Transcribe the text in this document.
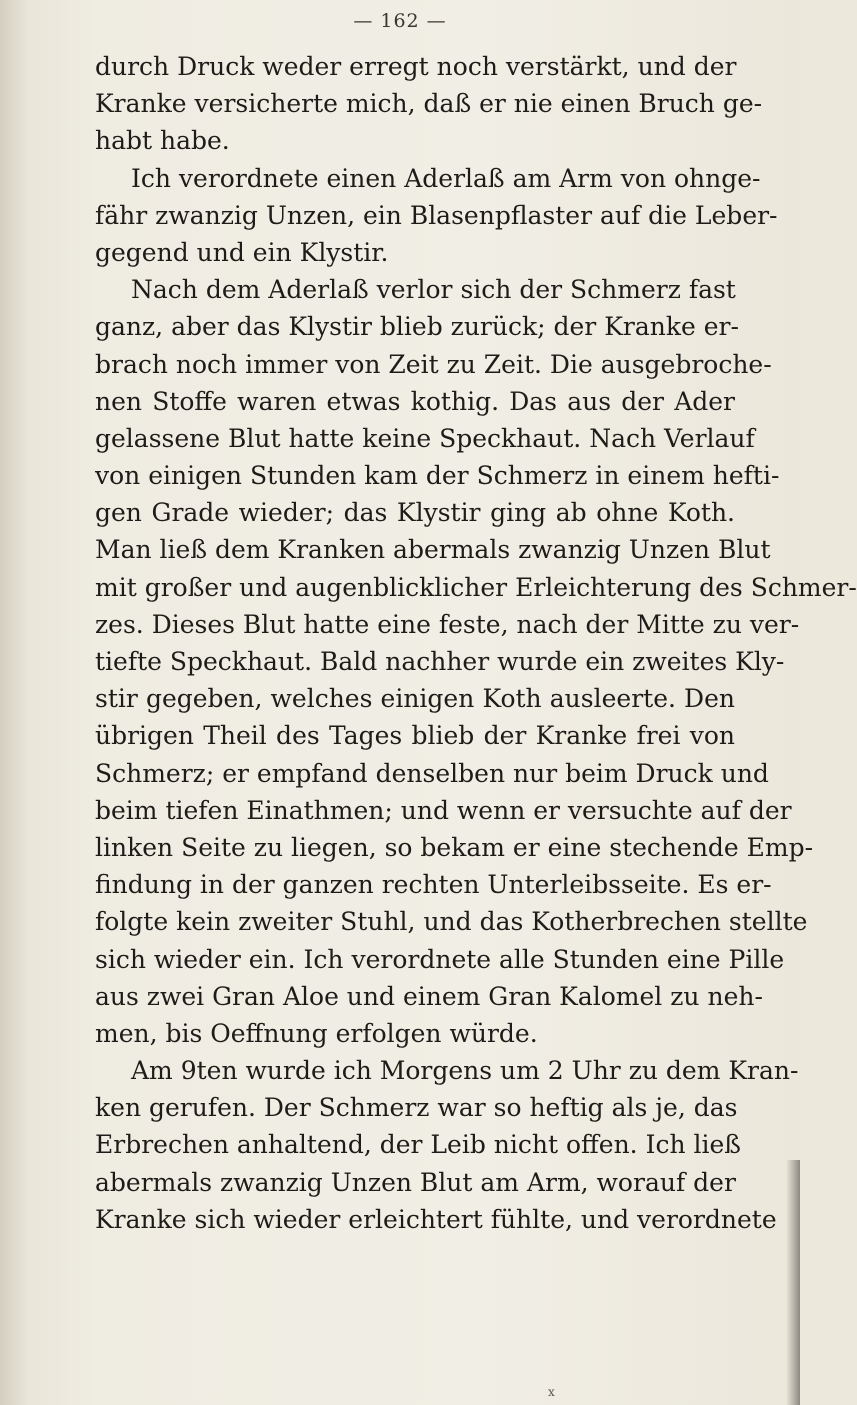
— 162 —
durch Druck weder erregt noch verstärkt, und der
Kranke versicherte mich, daß er nie einen Bruch ge-
habt habe.
Ich verordnete einen Aderlaß am Arm von ohnge-
fähr zwanzig Unzen, ein Blasenpflaster auf die Leber-
gegend und ein Klystir.
Nach dem Aderlaß verlor sich der Schmerz fast
ganz, aber das Klystir blieb zurück; der Kranke er-
brach noch immer von Zeit zu Zeit. Die ausgebroche-
nen Stoffe waren etwas kothig. Das aus der Ader
gelassene Blut hatte keine Speckhaut. Nach Verlauf
von einigen Stunden kam der Schmerz in einem hefti-
gen Grade wieder; das Klystir ging ab ohne Koth.
Man ließ dem Kranken abermals zwanzig Unzen Blut
mit großer und augenblicklicher Erleichterung des Schmer-
zes. Dieses Blut hatte eine feste, nach der Mitte zu ver-
tiefte Speckhaut. Bald nachher wurde ein zweites Kly-
stir gegeben, welches einigen Koth ausleerte. Den
übrigen Theil des Tages blieb der Kranke frei von
Schmerz; er empfand denselben nur beim Druck und
beim tiefen Einathmen; und wenn er versuchte auf der
linken Seite zu liegen, so bekam er eine stechende Emp-
findung in der ganzen rechten Unterleibsseite. Es er-
folgte kein zweiter Stuhl, und das Kotherbrechen stellte
sich wieder ein. Ich verordnete alle Stunden eine Pille
aus zwei Gran Aloe und einem Gran Kalomel zu neh-
men, bis Oeffnung erfolgen würde.
Am 9ten wurde ich Morgens um 2 Uhr zu dem Kran-
ken gerufen. Der Schmerz war so heftig als je, das
Erbrechen anhaltend, der Leib nicht offen. Ich ließ
abermals zwanzig Unzen Blut am Arm, worauf der
Kranke sich wieder erleichtert fühlte, und verordnete
x
